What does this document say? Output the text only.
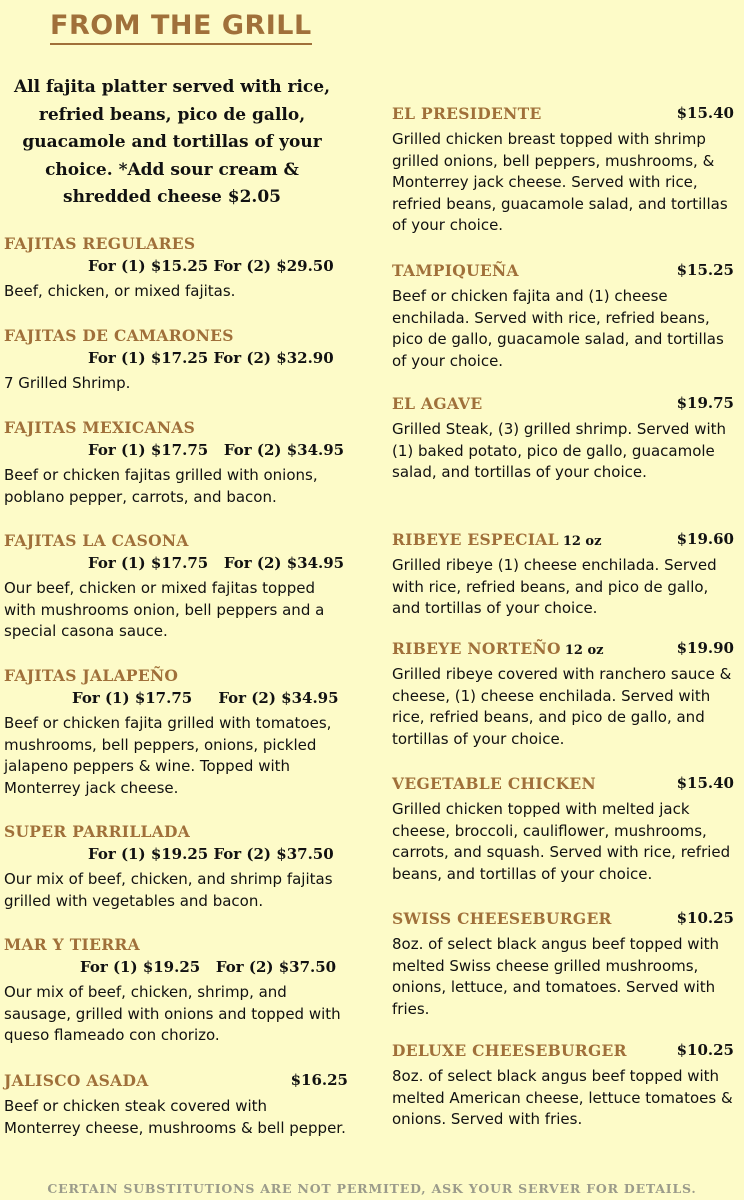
FROM THE GRILL
All fajita platter served with rice, refried beans, pico de gallo, guacamole and tortillas of your choice. *Add sour cream & shredded cheese $2.05
FAJITAS REGULARES
For (1) $15.25 For (2) $29.50
Beef, chicken, or mixed fajitas.
FAJITAS DE CAMARONES
For (1) $17.25 For (2) $32.90
7 Grilled Shrimp.
FAJITAS MEXICANAS
For (1) $17.75   For (2) $34.95
Beef or chicken fajitas grilled with onions, poblano pepper, carrots, and bacon.
FAJITAS LA CASONA
For (1) $17.75   For (2) $34.95
Our beef, chicken or mixed fajitas topped with mushrooms onion, bell peppers and a special casona sauce.
FAJITAS JALAPEÑO
For (1) $17.75     For (2) $34.95
Beef or chicken fajita grilled with tomatoes, mushrooms, bell peppers, onions, pickled jalapeno peppers & wine. Topped with Monterrey jack cheese.
SUPER PARRILLADA
For (1) $19.25 For (2) $37.50
Our mix of beef, chicken, and shrimp fajitas grilled with vegetables and bacon.
MAR Y TIERRA
For (1) $19.25   For (2) $37.50
Our mix of beef, chicken, shrimp, and sausage, grilled with onions and topped with queso flameado con chorizo.
JALISCO ASADA	$16.25
Beef or chicken steak covered with Monterrey cheese, mushrooms & bell pepper.
EL PRESIDENTE	$15.40
Grilled chicken breast topped with shrimp grilled onions, bell peppers, mushrooms, & Monterrey jack cheese. Served with rice, refried beans, guacamole salad, and tortillas of your choice.
TAMPIQUEÑA	$15.25
Beef or chicken fajita and (1) cheese enchilada. Served with rice, refried beans, pico de gallo, guacamole salad, and tortillas of your choice.
EL AGAVE	$19.75
Grilled Steak, (3) grilled shrimp. Served with (1) baked potato, pico de gallo, guacamole salad, and tortillas of your choice.
RIBEYE ESPECIAL 12 oz	$19.60
Grilled ribeye (1) cheese enchilada. Served with rice, refried beans, and pico de gallo, and tortillas of your choice.
RIBEYE NORTEÑO 12 oz	$19.90
Grilled ribeye covered with ranchero sauce & cheese, (1) cheese enchilada. Served with rice, refried beans, and pico de gallo, and tortillas of your choice.
VEGETABLE CHICKEN	$15.40
Grilled chicken topped with melted jack cheese, broccoli, cauliflower, mushrooms, carrots, and squash. Served with rice, refried beans, and tortillas of your choice.
SWISS CHEESEBURGER	$10.25
8oz. of select black angus beef topped with melted Swiss cheese grilled mushrooms, onions, lettuce, and tomatoes. Served with fries.
DELUXE CHEESEBURGER	$10.25
8oz. of select black angus beef topped with melted American cheese, lettuce tomatoes & onions. Served with fries.
CERTAIN SUBSTITUTIONS ARE NOT PERMITED, ASK YOUR SERVER FOR DETAILS.
